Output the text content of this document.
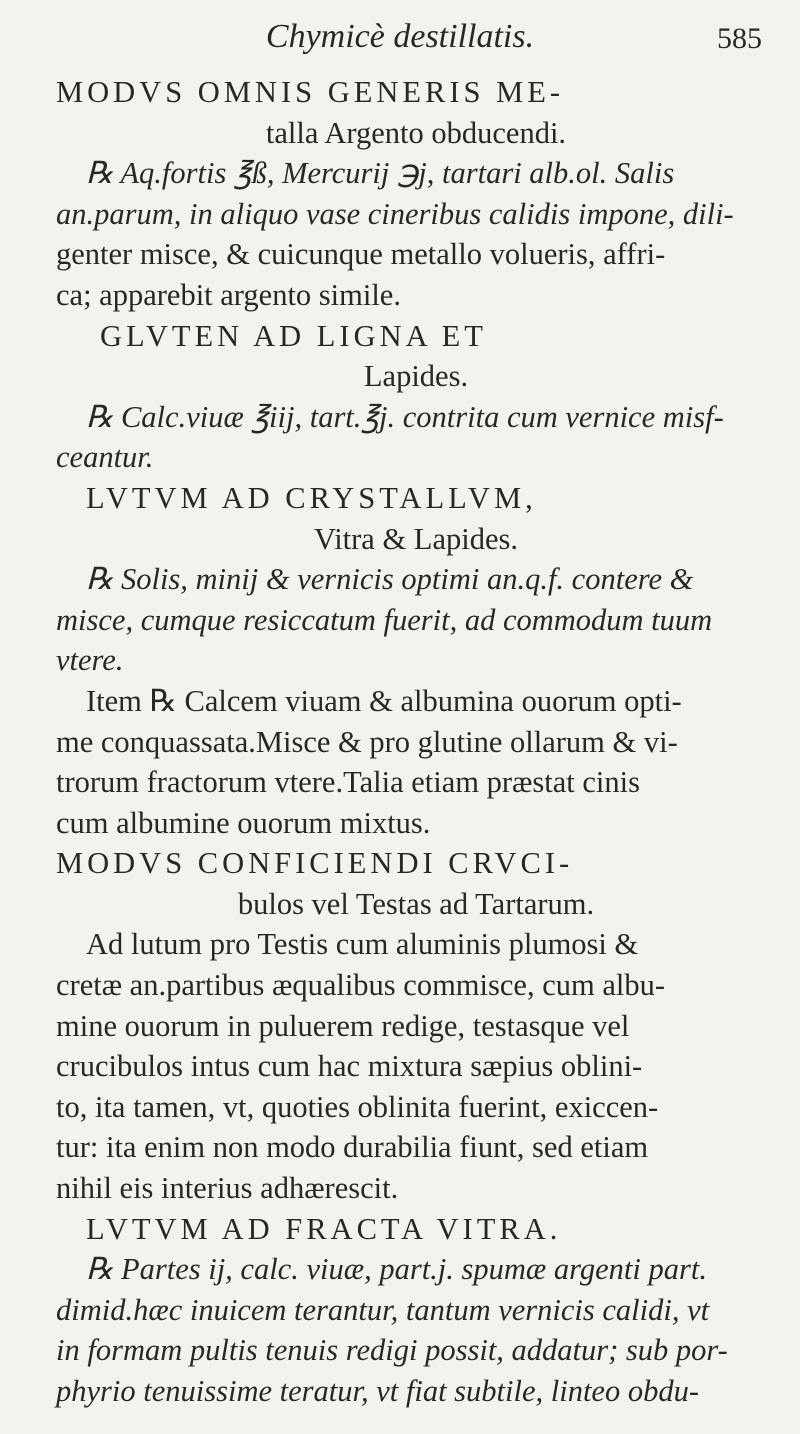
Chymicè destillatis.	585
MODVS OMNIS GENERIS ME-
talla Argento obducendi.
℞ Aq.fortis ℥ß, Mercurij ℈j, tartari alb.ol. Salis
an.parum, in aliquo vase cineribus calidis impone, dili-
genter misce, & cuicunque metallo volueris, affri-
ca; apparebit argento simile.
GLVTEN AD LIGNA ET
Lapides.
℞ Calc.viuæ ℥iij, tart.℥j. contrita cum vernice misf-
ceantur.
LVTVM AD CRYSTALLVM,
Vitra & Lapides.
℞ Solis, minij & vernicis optimi an.q.f. contere &
misce, cumque resiccatum fuerit, ad commodum tuum
vtere.
Item ℞ Calcem viuam & albumina ouorum opti-
me conquassata.Misce & pro glutine ollarum & vi-
trorum fractorum vtere.Talia etiam præstat cinis
cum albumine ouorum mixtus.
MODVS CONFICIENDI CRVCI-
bulos vel Testas ad Tartarum.
Ad lutum pro Testis cum aluminis plumosi &
cretæ an.partibus æqualibus commisce, cum albu-
mine ouorum in puluerem redige, testasque vel
crucibulos intus cum hac mixtura sæpius oblini-
to, ita tamen, vt, quoties oblinita fuerint, exiccen-
tur: ita enim non modo durabilia fiunt, sed etiam
nihil eis interius adhærescit.
LVTVM AD FRACTA VITRA.
℞ Partes ij, calc. viuæ, part.j. spumæ argenti part.
dimid.hæc inuicem terantur, tantum vernicis calidi, vt
in formam pultis tenuis redigi possit, addatur; sub por-
phyrio tenuissime teratur, vt fiat subtile, linteo obdu-
